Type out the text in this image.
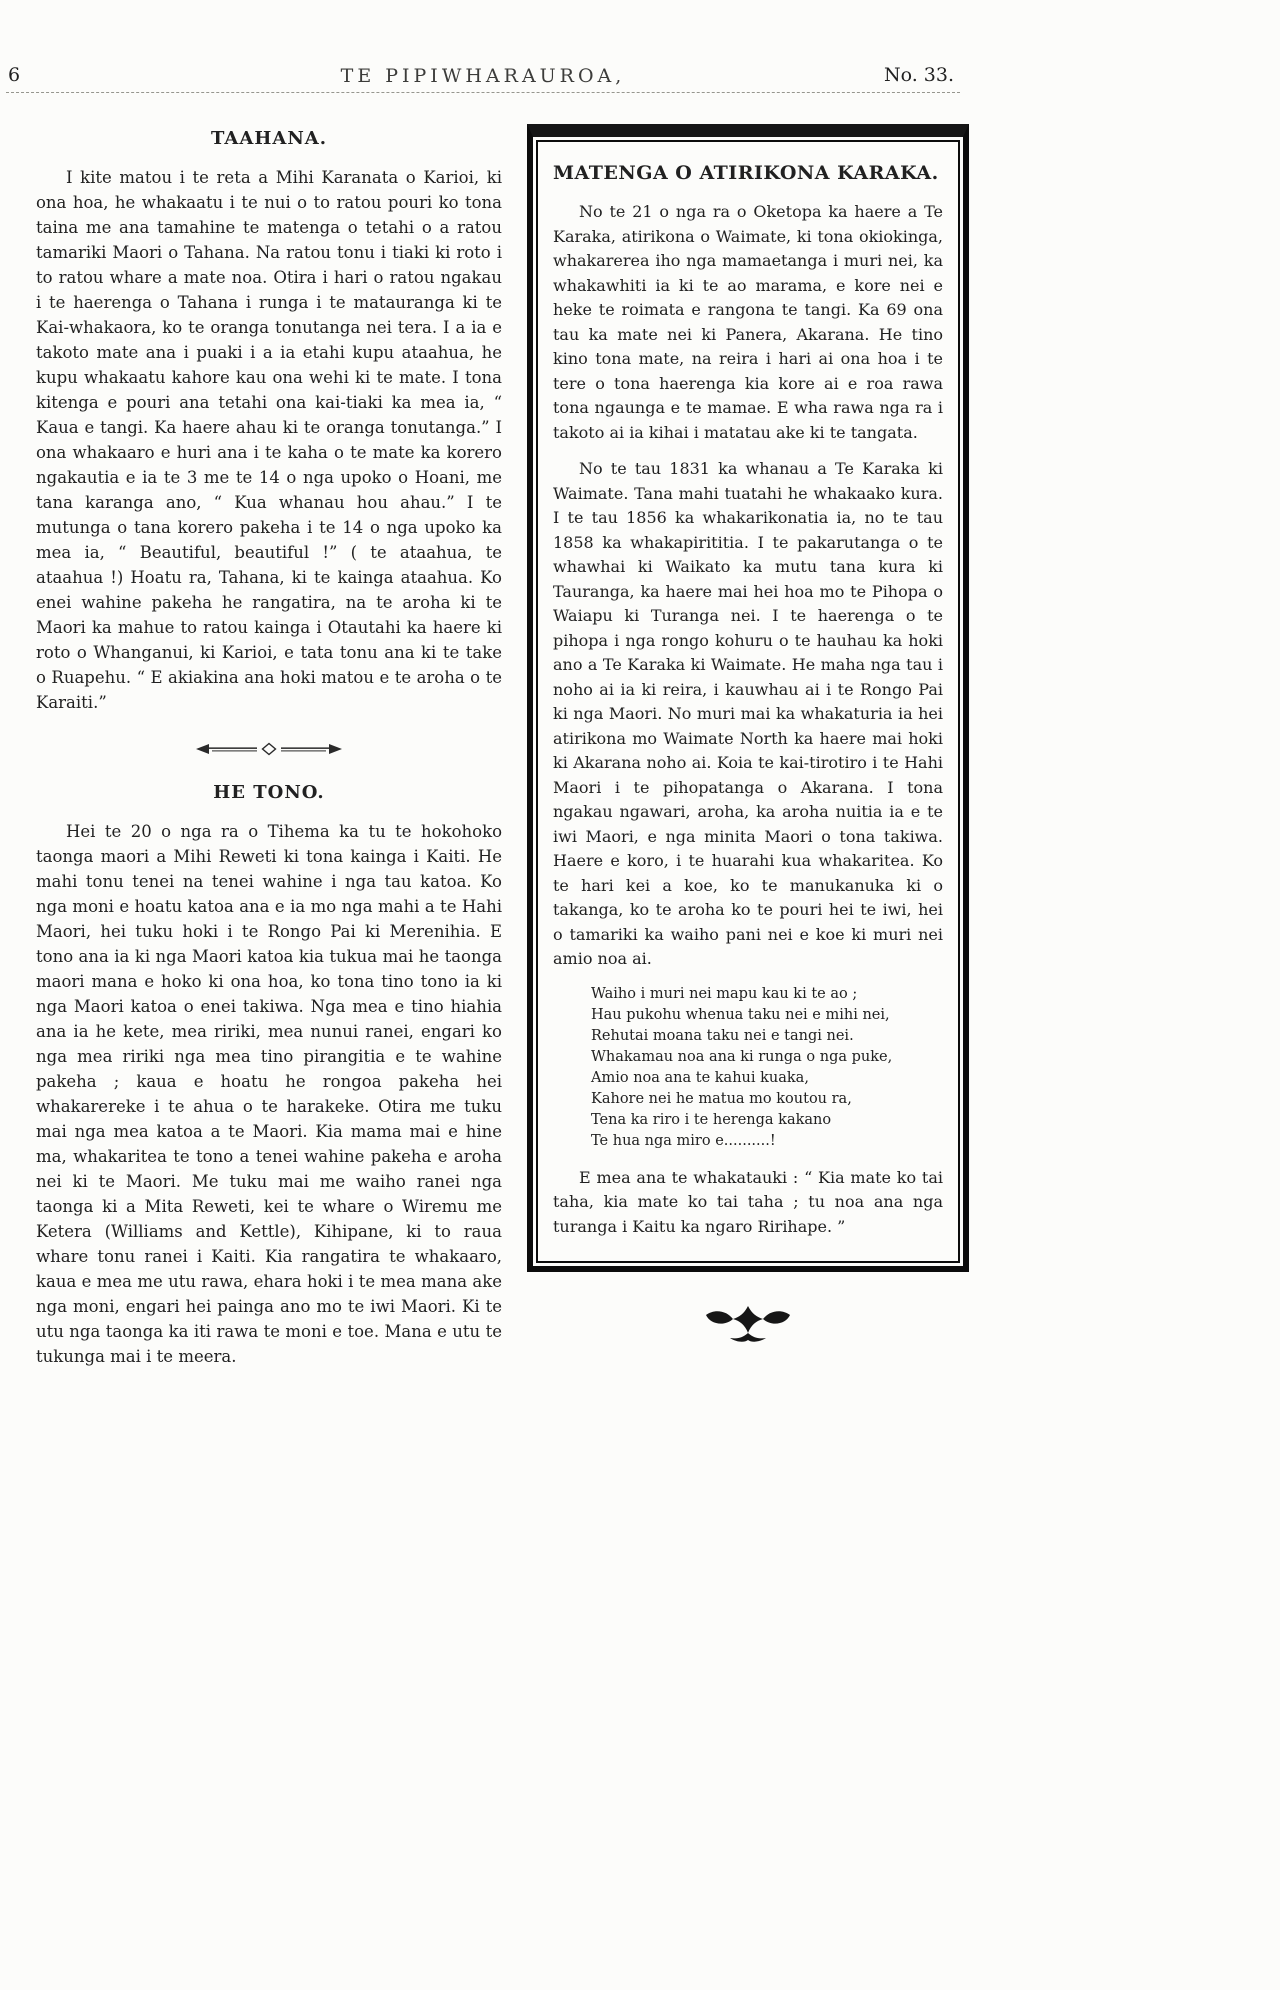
6	TE PIPIWHARAUROA,	No. 33.
TAAHANA.

I kite matou i te reta a Mihi Karanata o Karioi, ki ona hoa, he whakaatu i te nui o to ratou pouri ko tona taina me ana tamahine te matenga o tetahi o a ratou tamariki Maori o Tahana. Na ratou tonu i tiaki ki roto i to ratou whare a mate noa. Otira i hari o ratou ngakau i te haerenga o Tahana i runga i te matauranga ki te Kai-whakaora, ko te oranga tonutanga nei tera. I a ia e takoto mate ana i puaki i a ia etahi kupu ataahua, he kupu whakaatu kahore kau ona wehi ki te mate. I tona kitenga e pouri ana tetahi ona kai-tiaki ka mea ia, “ Kaua e tangi. Ka haere ahau ki te oranga tonutanga.” I ona whakaaro e huri ana i te kaha o te mate ka korero ngakautia e ia te 3 me te 14 o nga upoko o Hoani, me tana karanga ano, “ Kua whanau hou ahau.” I te mutunga o tana korero pakeha i te 14 o nga upoko ka mea ia, “ Beautiful, beautiful !” ( te ataahua, te ataahua !) Hoatu ra, Tahana, ki te kainga ataahua. Ko enei wahine pakeha he rangatira, na te aroha ki te Maori ka mahue to ratou kainga i Otautahi ka haere ki roto o Whanganui, ki Karioi, e tata tonu ana ki te take o Ruapehu. “ E akiakina ana hoki matou e te aroha o te Karaiti.”

HE TONO.

Hei te 20 o nga ra o Tihema ka tu te hokohoko taonga maori a Mihi Reweti ki tona kainga i Kaiti. He mahi tonu tenei na tenei wahine i nga tau katoa. Ko nga moni e hoatu katoa ana e ia mo nga mahi a te Hahi Maori, hei tuku hoki i te Rongo Pai ki Merenihia. E tono ana ia ki nga Maori katoa kia tukua mai he taonga maori mana e hoko ki ona hoa, ko tona tino tono ia ki nga Maori katoa o enei takiwa. Nga mea e tino hiahia ana ia he kete, mea ririki, mea nunui ranei, engari ko nga mea ririki nga mea tino pirangitia e te wahine pakeha ; kaua e hoatu he rongoa pakeha hei whakarereke i te ahua o te harakeke. Otira me tuku mai nga mea katoa a te Maori. Kia mama mai e hine ma, whakaritea te tono a tenei wahine pakeha e aroha nei ki te Maori. Me tuku mai me waiho ranei nga taonga ki a Mita Reweti, kei te whare o Wiremu me Ketera (Williams and Kettle), Kihipane, ki to raua whare tonu ranei i Kaiti. Kia rangatira te whakaaro, kaua e mea me utu rawa, ehara hoki i te mea mana ake nga moni, engari hei painga ano mo te iwi Maori. Ki te utu nga taonga ka iti rawa te moni e toe. Mana e utu te tukunga mai i te meera.

MATENGA O ATIRIKONA KARAKA.

No te 21 o nga ra o Oketopa ka haere a Te Karaka, atirikona o Waimate, ki tona okiokinga, whakarerea iho nga mamaetanga i muri nei, ka whakawhiti ia ki te ao marama, e kore nei e heke te roimata e rangona te tangi. Ka 69 ona tau ka mate nei ki Panera, Akarana. He tino kino tona mate, na reira i hari ai ona hoa i te tere o tona haerenga kia kore ai e roa rawa tona ngaunga e te mamae. E wha rawa nga ra i takoto ai ia kihai i matatau ake ki te tangata.

No te tau 1831 ka whanau a Te Karaka ki Waimate. Tana mahi tuatahi he whakaako kura. I te tau 1856 ka whakarikonatia ia, no te tau 1858 ka whakapirititia. I te pakarutanga o te whawhai ki Waikato ka mutu tana kura ki Tauranga, ka haere mai hei hoa mo te Pihopa o Waiapu ki Turanga nei. I te haerenga o te pihopa i nga rongo kohuru o te hauhau ka hoki ano a Te Karaka ki Waimate. He maha nga tau i noho ai ia ki reira, i kauwhau ai i te Rongo Pai ki nga Maori. No muri mai ka whakaturia ia hei atirikona mo Waimate North ka haere mai hoki ki Akarana noho ai. Koia te kai-tirotiro i te Hahi Maori i te pihopatanga o Akarana. I tona ngakau ngawari, aroha, ka aroha nuitia ia e te iwi Maori, e nga minita Maori o tona takiwa. Haere e koro, i te huarahi kua whakaritea. Ko te hari kei a koe, ko te manukanuka ki o takanga, ko te aroha ko te pouri hei te iwi, hei o tamariki ka waiho pani nei e koe ki muri nei amio noa ai.

Waiho i muri nei mapu kau ki te ao ;
Hau pukohu whenua taku nei e mihi nei,
Rehutai moana taku nei e tangi nei.
Whakamau noa ana ki runga o nga puke,
Amio noa ana te kahui kuaka,
Kahore nei he matua mo koutou ra,
Tena ka riro i te herenga kakano
Te hua nga miro e..........!

E mea ana te whakatauki : “ Kia mate ko tai taha, kia mate ko tai taha ; tu noa ana nga turanga i Kaitu ka ngaro Ririhape. ”
